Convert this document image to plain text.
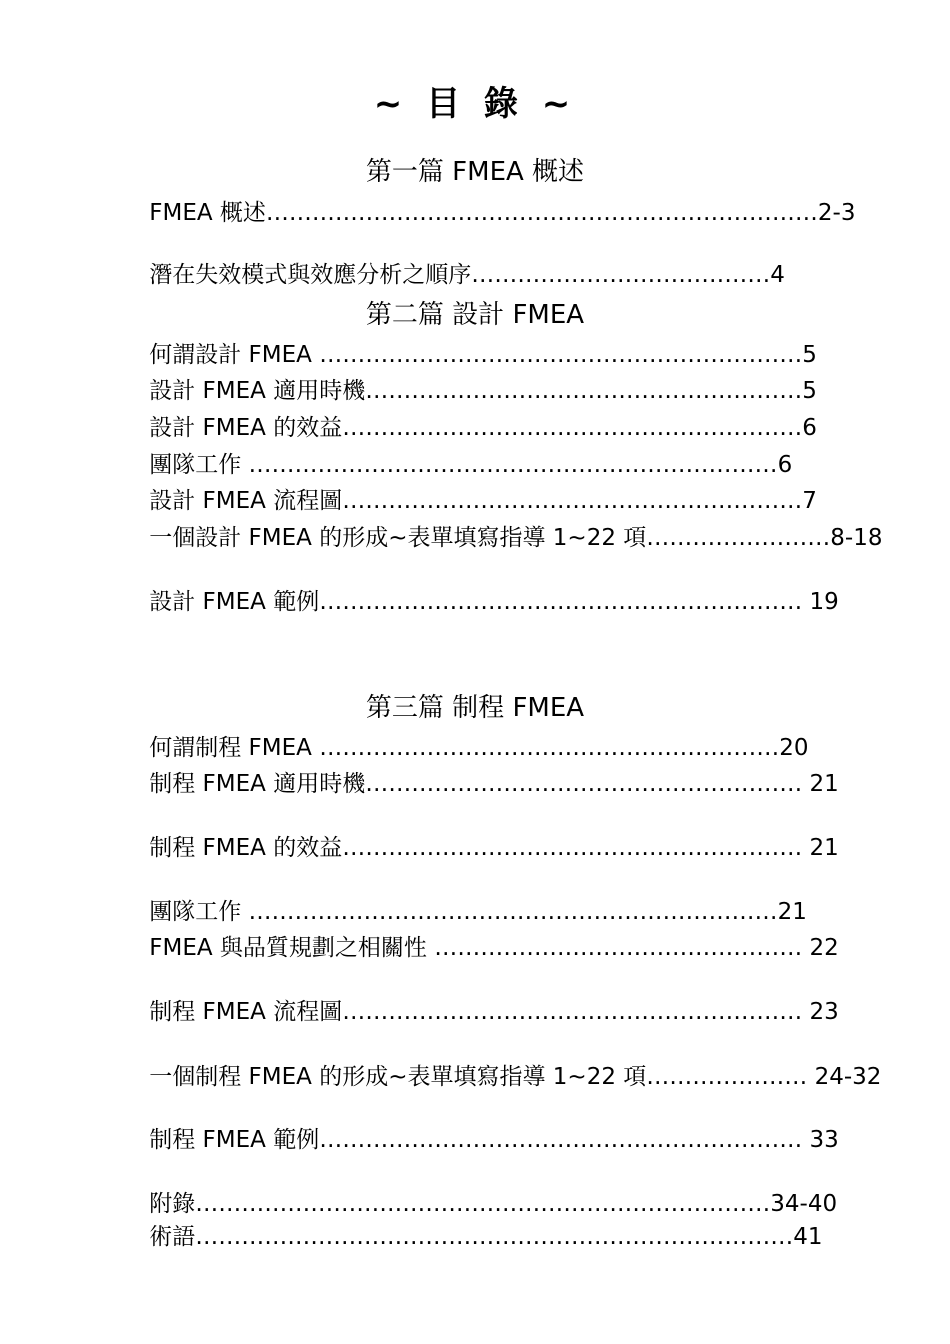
~ 目 錄 ~
第一篇 FMEA 概述
FMEA 概述………………………………………………………………2-3
潛在失效模式與效應分析之順序…………………………………4
第二篇 設計 FMEA
何謂設計 FMEA ………………………………………………………5
設計 FMEA 適用時機…………………………………………………5
設計 FMEA 的效益……………………………………………………6
團隊工作 ……………………………………………………………6
設計 FMEA 流程圖……………………………………………………7
一個設計 FMEA 的形成~表單填寫指導 1~22 項……………………8-18
設計 FMEA 範例……………………………………………………… 19
第三篇 制程 FMEA
何謂制程 FMEA ……………………………………………………20
制程 FMEA 適用時機………………………………………………… 21
制程 FMEA 的效益…………………………………………………… 21
團隊工作 ……………………………………………………………21
FMEA 與品質規劃之相關性 ………………………………………… 22
制程 FMEA 流程圖…………………………………………………… 23
一個制程 FMEA 的形成~表單填寫指導 1~22 項………………… 24-32
制程 FMEA 範例……………………………………………………… 33
附錄…………………………………………………………………34-40
術語……………………………………………………………………41
